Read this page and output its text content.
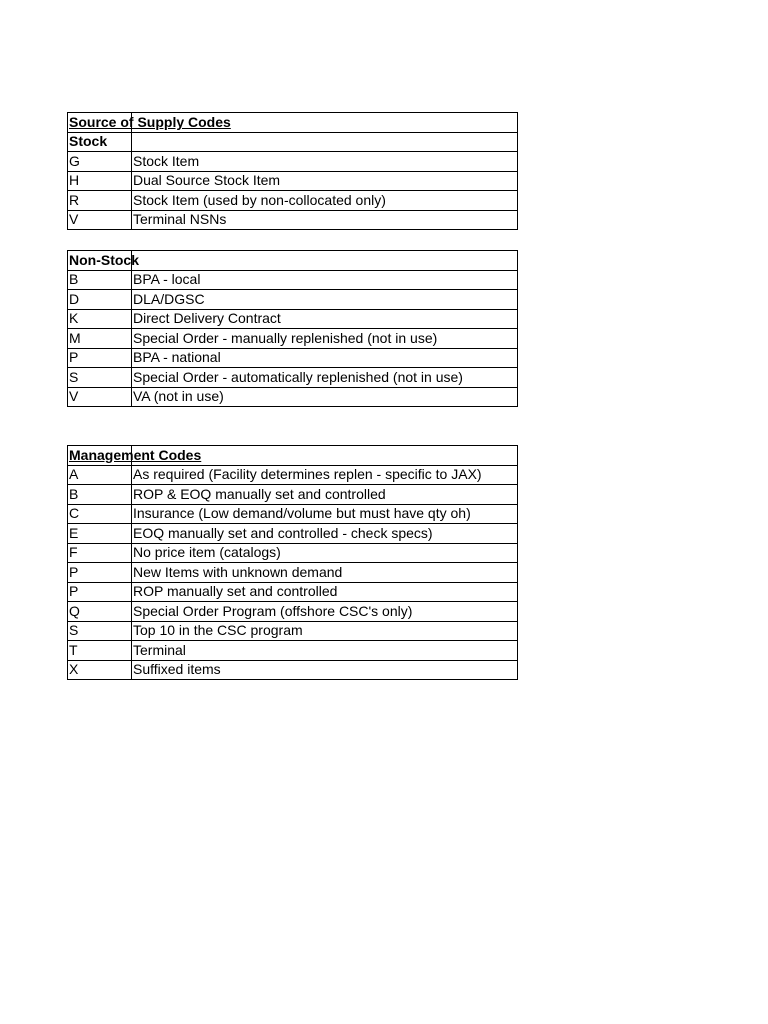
Source of Supply Codes	
Stock	
G	Stock Item
H	Dual Source Stock Item
R	Stock Item (used by non-collocated only)
V	Terminal NSNs
Non-Stock	
B	BPA - local
D	DLA/DGSC
K	Direct Delivery Contract
M	Special Order - manually replenished (not in use)
P	BPA - national
S	Special Order - automatically replenished (not in use)
V	VA (not in use)
Management Codes	
A	As required (Facility determines replen - specific to JAX)
B	ROP & EOQ manually set and controlled
C	Insurance (Low demand/volume but must have qty oh)
E	EOQ manually set and controlled - check specs)
F	No price item (catalogs)
P	New Items with unknown demand
P	ROP manually set and controlled
Q	Special Order Program (offshore CSC's only)
S	Top 10 in the CSC program
T	Terminal
X	Suffixed items
